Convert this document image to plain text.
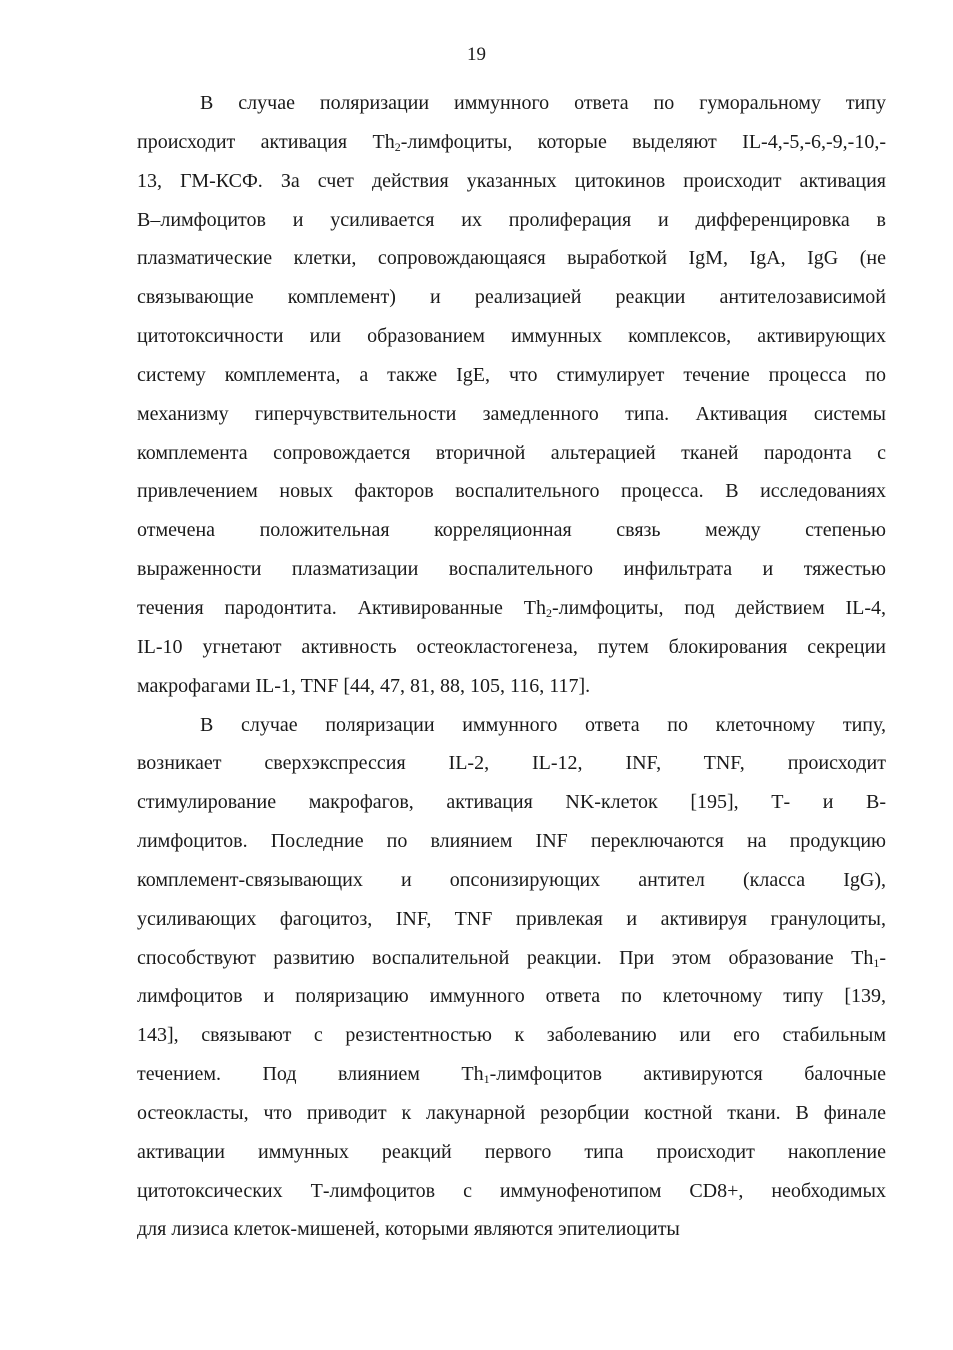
19
В случае поляризации иммунного ответа по гуморальному типу
происходит активация $Th_2$-лимфоциты, которые выделяют IL-4,-5,-6,-9,-10,-
13, ГМ-КСФ. За счет действия указанных цитокинов происходит активация
В–лимфоцитов и усиливается их пролиферация и дифференцировка в
плазматические клетки, сопровождающаяся выработкой IgM, IgA, IgG (не
связывающие комплемент) и реализацией реакции антителозависимой
цитотоксичности или образованием иммунных комплексов, активирующих
систему комплемента, а также IgE, что стимулирует течение процесса по
механизму гиперчувствительности замедленного типа. Активация системы
комплемента сопровождается вторичной альтерацией тканей пародонта с
привлечением новых факторов воспалительного процесса. В исследованиях
отмечена положительная корреляционная связь между степенью
выраженности плазматизации воспалительного инфильтрата и тяжестью
течения пародонтита. Активированные $Th_2$-лимфоциты, под действием IL-4,
IL-10 угнетают активность остеокластогенеза, путем блокирования секреции
макрофагами IL-1, TNF [44, 47, 81, 88, 105, 116, 117].
В случае поляризации иммунного ответа по клеточному типу,
возникает сверхэкспрессия IL-2, IL-12, INF, TNF, происходит
стимулирование макрофагов, активация NK-клеток [195], Т- и В-
лимфоцитов. Последние по влиянием INF переключаются на продукцию
комплемент-связывающих и опсонизирующих антител (класса IgG),
усиливающих фагоцитоз, INF, TNF привлекая и активируя гранулоциты,
способствуют развитию воспалительной реакции. При этом образование $Th_1-$
лимфоцитов и поляризацию иммунного ответа по клеточному типу [139,
143], связывают с резистентностью к заболеванию или его стабильным
течением. Под влиянием $Th_1$-лимфоцитов активируются балочные
остеокласты, что приводит к лакунарной резорбции костной ткани. В финале
активации иммунных реакций первого типа происходит накопление
цитотоксических Т-лимфоцитов с иммунофенотипом CD8+, необходимых
для лизиса клеток-мишеней, которыми являются эпителиоциты
